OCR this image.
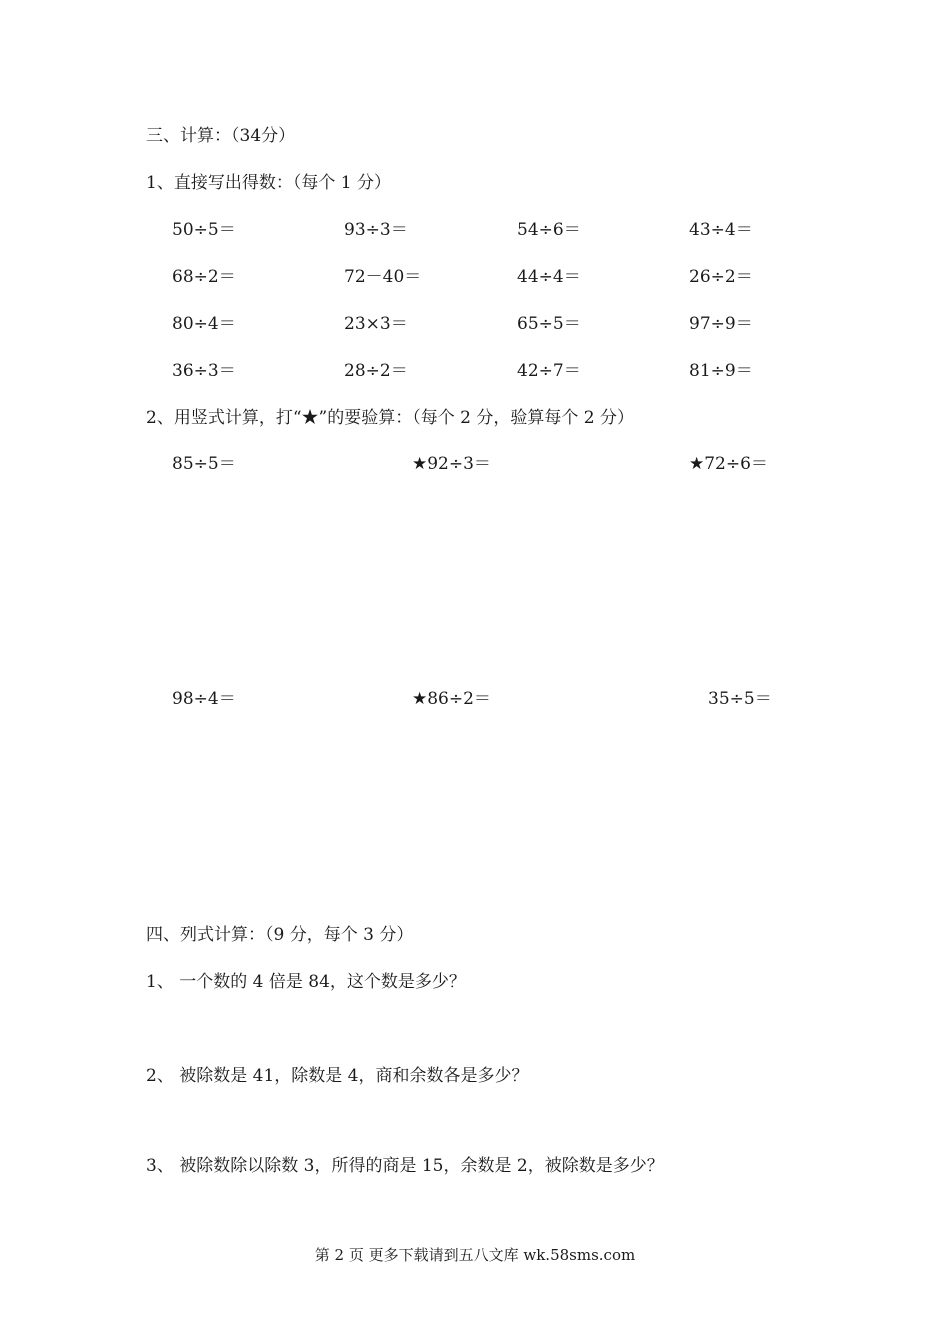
三、计算：（34分）
1、直接写出得数：（每个 1 分）
50÷5＝	93÷3＝	54÷6＝	43÷4＝
68÷2＝	72－40＝	44÷4＝	26÷2＝
80÷4＝	23×3＝	65÷5＝	97÷9＝
36÷3＝	28÷2＝	42÷7＝	81÷9＝
2、用竖式计算，打“★”的要验算：（每个 2 分，验算每个 2 分）
85÷5＝	★92÷3＝	★72÷6＝
98÷4＝	★86÷2＝	35÷5＝
四、列式计算：（9 分，每个 3 分）
1、 一个数的 4 倍是 84，这个数是多少？
2、 被除数是 41，除数是 4，商和余数各是多少？
3、 被除数除以除数 3，所得的商是 15，余数是 2，被除数是多少？
第 2 页 更多下载请到五八文库 wk.58sms.com
